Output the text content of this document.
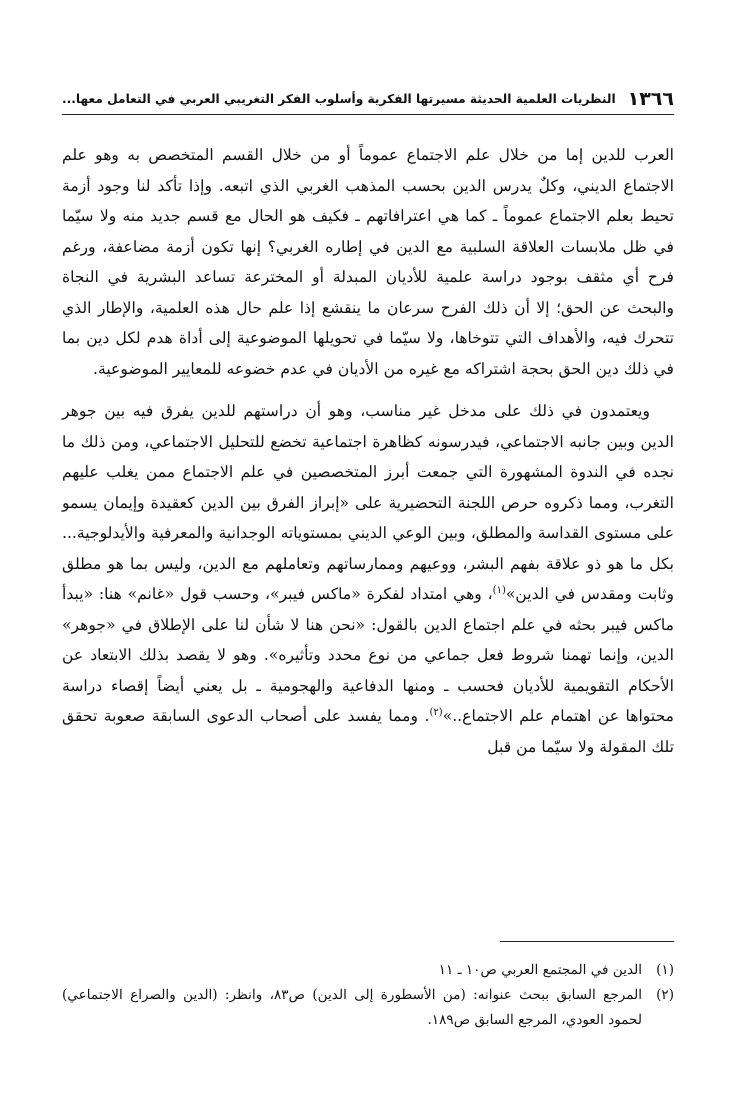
١٣٦٦
النظريات العلمية الحديثة مسيرتها الفكرية وأسلوب الفكر التغريبي العربي في التعامل معها...

العرب للدين إما من خلال علم الاجتماع عموماً أو من خلال القسم المتخصص به وهو علم الاجتماع الديني، وكلٌ يدرس الدين بحسب المذهب الغربي الذي اتبعه. وإذا تأكد لنا وجود أزمة تحيط بعلم الاجتماع عموماً ـ كما هي اعترافاتهم ـ فكيف هو الحال مع قسم جديد منه ولا سيّما في ظل ملابسات العلاقة السلبية مع الدين في إطاره الغربي؟ إنها تكون أزمة مضاعفة، ورغم فرح أي مثقف بوجود دراسة علمية للأديان المبدلة أو المخترعة تساعد البشرية في النجاة والبحث عن الحق؛ إلا أن ذلك الفرح سرعان ما ينقشع إذا علم حال هذه العلمية، والإطار الذي تتحرك فيه، والأهداف التي تتوخاها، ولا سيّما في تحويلها الموضوعية إلى أداة هدم لكل دين بما في ذلك دين الحق بحجة اشتراكه مع غيره من الأديان في عدم خضوعه للمعايير الموضوعية.

ويعتمدون في ذلك على مدخل غير مناسب، وهو أن دراستهم للدين يفرق فيه بين جوهر الدين وبين جانبه الاجتماعي، فيدرسونه كظاهرة اجتماعية تخضع للتحليل الاجتماعي، ومن ذلك ما نجده في الندوة المشهورة التي جمعت أبرز المتخصصين في علم الاجتماع ممن يغلب عليهم التغرب، ومما ذكروه حرص اللجنة التحضيرية على «إبراز الفرق بين الدين كعقيدة وإيمان يسمو على مستوى القداسة والمطلق، وبين الوعي الديني بمستوياته الوجدانية والمعرفية والأيدلوجية... بكل ما هو ذو علاقة بفهم البشر، ووعيهم وممارساتهم وتعاملهم مع الدين، وليس بما هو مطلق وثابت ومقدس في الدين»$^{(١)}$، وهي امتداد لفكرة «ماكس فيبر»، وحسب قول «غانم» هنا: «يبدأ ماكس فيبر بحثه في علم اجتماع الدين بالقول: «نحن هنا لا شأن لنا على الإطلاق في «جوهر» الدين، وإنما تهمنا شروط فعل جماعي من نوع محدد وتأثيره». وهو لا يقصد بذلك الابتعاد عن الأحكام التقويمية للأديان فحسب ـ ومنها الدفاعية والهجومية ـ بل يعني أيضاً إقصاء دراسة محتواها عن اهتمام علم الاجتماع..»$^{(٢)}$. ومما يفسد على أصحاب الدعوى السابقة صعوبة تحقق تلك المقولة ولا سيّما من قبل

(١)
الدين في المجتمع العربي ص١٠ ـ ١١
(٢)
المرجع السابق ببحث عنوانه: (من الأسطورة إلى الدين) ص٨٣، وانظر: (الدين والصراع الاجتماعي) لحمود العودي، المرجع السابق ص١٨٩.
